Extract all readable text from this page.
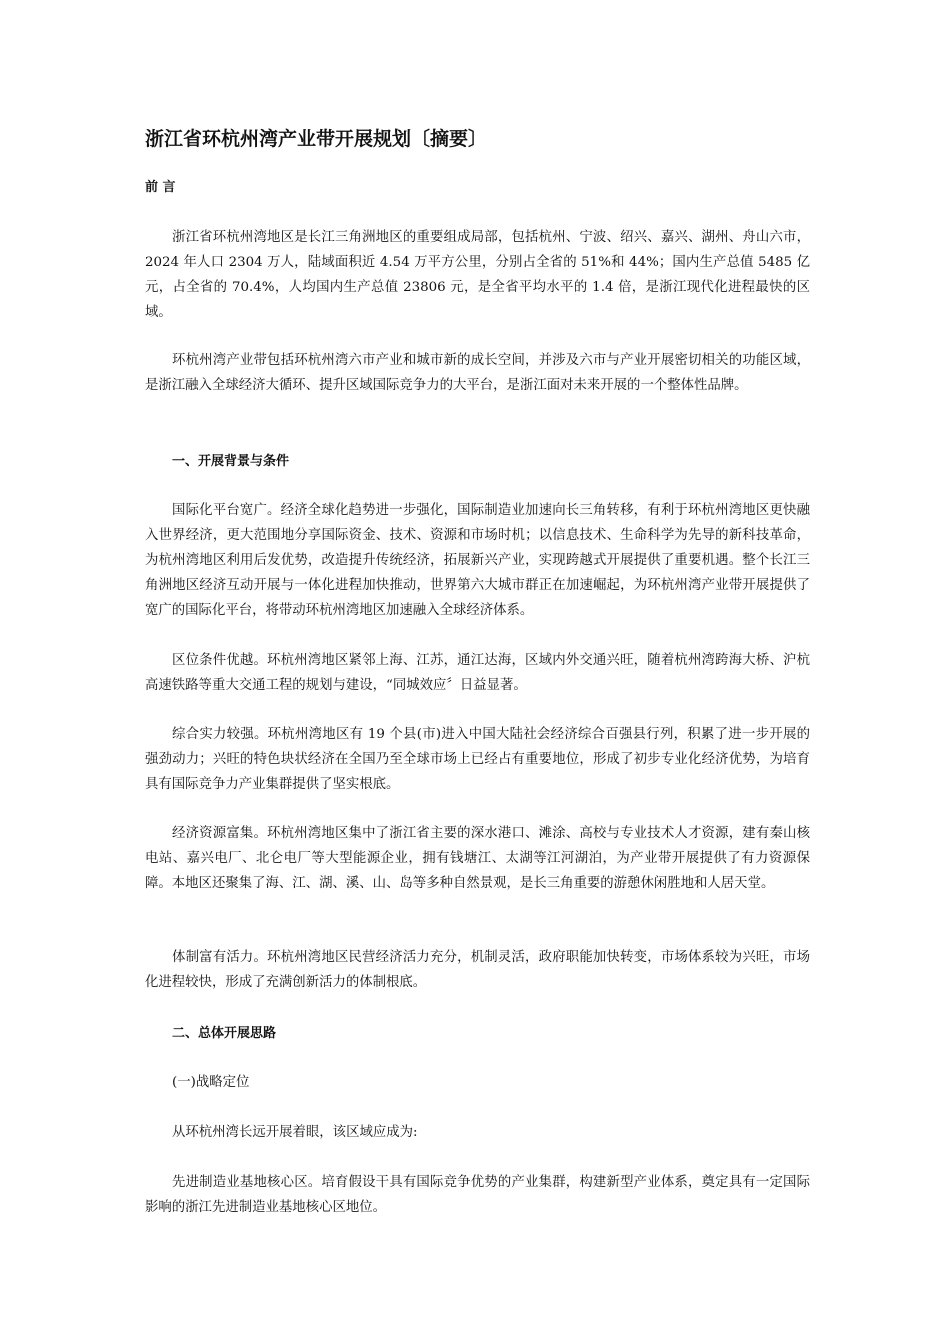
浙江省环杭州湾产业带开展规划〔摘要〕
前 言

浙江省环杭州湾地区是长江三角洲地区的重要组成局部，包括杭州、宁波、绍兴、嘉兴、湖州、舟山六市，2024 年人口 2304 万人，陆域面积近 4.54 万平方公里，分别占全省的 51%和 44%；国内生产总值 5485 亿元，占全省的 70.4%，人均国内生产总值 23806 元，是全省平均水平的 1.4 倍，是浙江现代化进程最快的区域。

环杭州湾产业带包括环杭州湾六市产业和城市新的成长空间，并涉及六市与产业开展密切相关的功能区域，是浙江融入全球经济大循环、提升区域国际竞争力的大平台，是浙江面对未来开展的一个整体性品牌。

一、开展背景与条件

国际化平台宽广。经济全球化趋势进一步强化，国际制造业加速向长三角转移，有利于环杭州湾地区更快融入世界经济，更大范围地分享国际资金、技术、资源和市场时机；以信息技术、生命科学为先导的新科技革命，为杭州湾地区利用后发优势，改造提升传统经济，拓展新兴产业，实现跨越式开展提供了重要机遇。整个长江三角洲地区经济互动开展与一体化进程加快推动，世界第六大城市群正在加速崛起，为环杭州湾产业带开展提供了宽广的国际化平台，将带动环杭州湾地区加速融入全球经济体系。

区位条件优越。环杭州湾地区紧邻上海、江苏，通江达海，区域内外交通兴旺，随着杭州湾跨海大桥、沪杭高速铁路等重大交通工程的规划与建设，“同城效应〞日益显著。

综合实力较强。环杭州湾地区有 19 个县(市)进入中国大陆社会经济综合百强县行列，积累了进一步开展的强劲动力；兴旺的特色块状经济在全国乃至全球市场上已经占有重要地位，形成了初步专业化经济优势，为培育具有国际竞争力产业集群提供了坚实根底。

经济资源富集。环杭州湾地区集中了浙江省主要的深水港口、滩涂、高校与专业技术人才资源，建有秦山核电站、嘉兴电厂、北仑电厂等大型能源企业，拥有钱塘江、太湖等江河湖泊，为产业带开展提供了有力资源保障。本地区还聚集了海、江、湖、溪、山、岛等多种自然景观，是长三角重要的游憩休闲胜地和人居天堂。

体制富有活力。环杭州湾地区民营经济活力充分，机制灵活，政府职能加快转变，市场体系较为兴旺，市场化进程较快，形成了充满创新活力的体制根底。

二、总体开展思路

(一)战略定位

从环杭州湾长远开展着眼，该区域应成为:

先进制造业基地核心区。培育假设干具有国际竞争优势的产业集群，构建新型产业体系，奠定具有一定国际影响的浙江先进制造业基地核心区地位。
